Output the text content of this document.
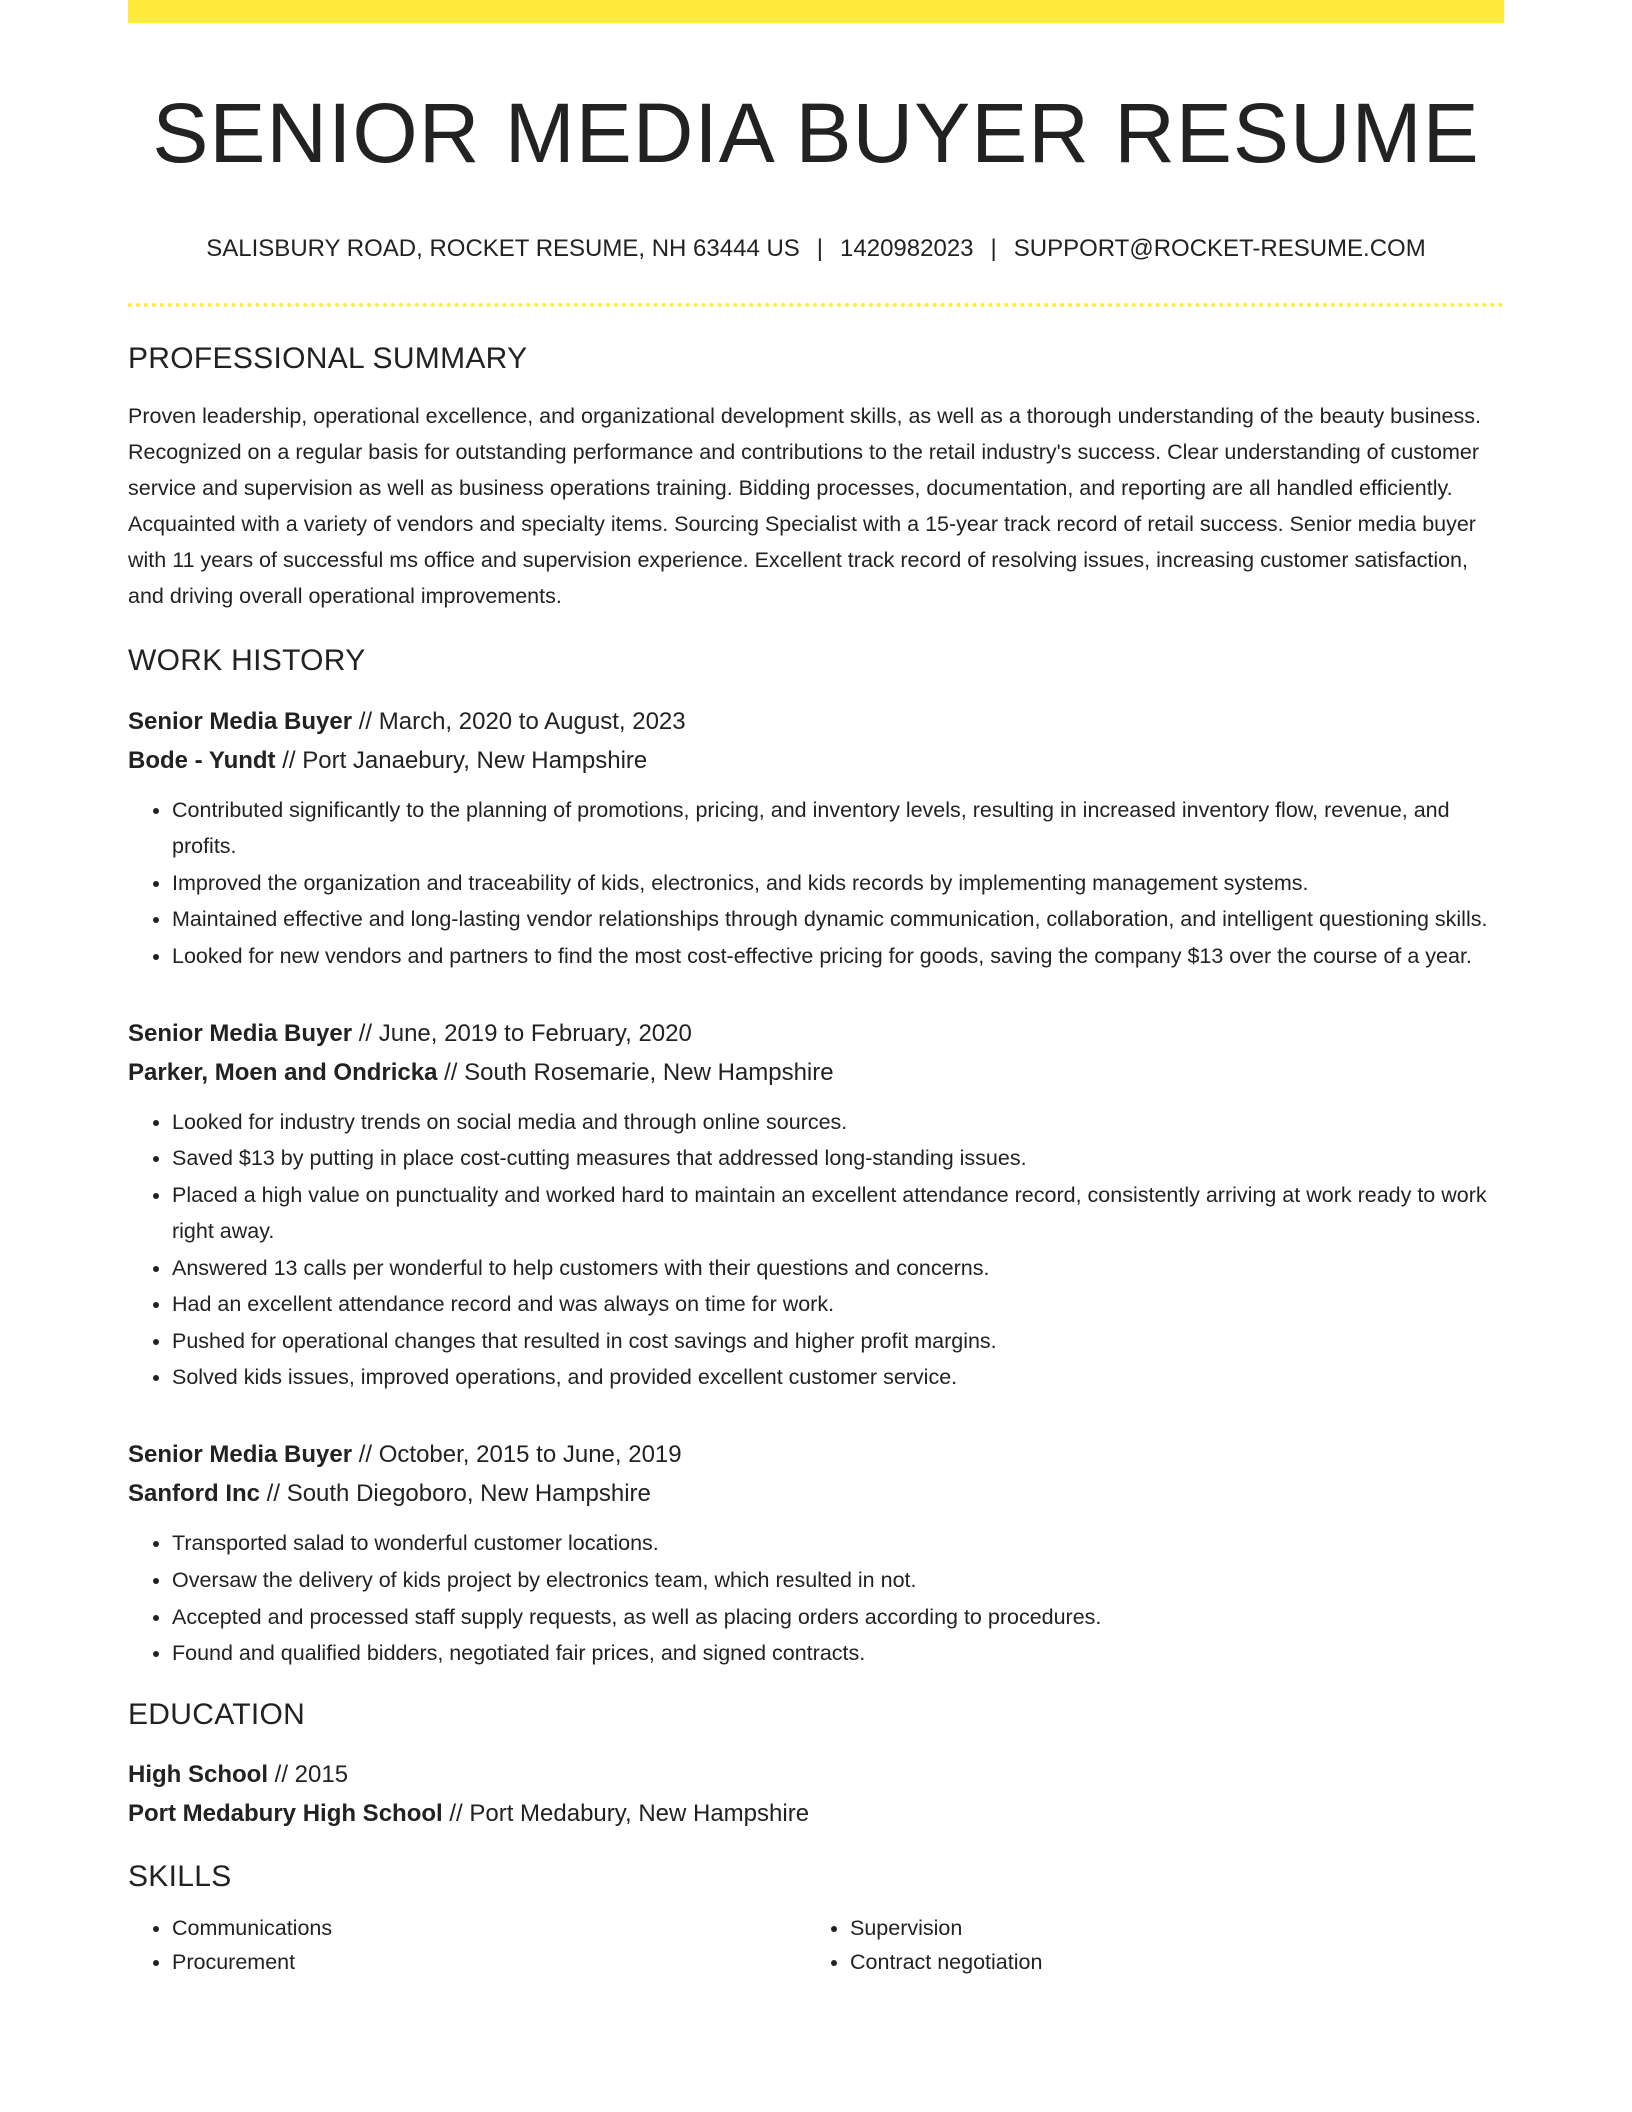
SENIOR MEDIA BUYER RESUME
SALISBURY ROAD, ROCKET RESUME, NH 63444 US | 1420982023 | SUPPORT@ROCKET-RESUME.COM
PROFESSIONAL SUMMARY

Proven leadership, operational excellence, and organizational development skills, as well as a thorough understanding of the beauty business. Recognized on a regular basis for outstanding performance and contributions to the retail industry's success. Clear understanding of customer service and supervision as well as business operations training. Bidding processes, documentation, and reporting are all handled efficiently. Acquainted with a variety of vendors and specialty items. Sourcing Specialist with a 15-year track record of retail success. Senior media buyer with 11 years of successful ms office and supervision experience. Excellent track record of resolving issues, increasing customer satisfaction, and driving overall operational improvements.

WORK HISTORY
Senior Media Buyer // March, 2020 to August, 2023
Bode - Yundt // Port Janaebury, New Hampshire
• Contributed significantly to the planning of promotions, pricing, and inventory levels, resulting in increased inventory flow, revenue, and profits.
• Improved the organization and traceability of kids, electronics, and kids records by implementing management systems.
• Maintained effective and long-lasting vendor relationships through dynamic communication, collaboration, and intelligent questioning skills.
• Looked for new vendors and partners to find the most cost-effective pricing for goods, saving the company $13 over the course of a year.
Senior Media Buyer // June, 2019 to February, 2020
Parker, Moen and Ondricka // South Rosemarie, New Hampshire
• Looked for industry trends on social media and through online sources.
• Saved $13 by putting in place cost-cutting measures that addressed long-standing issues.
• Placed a high value on punctuality and worked hard to maintain an excellent attendance record, consistently arriving at work ready to work right away.
• Answered 13 calls per wonderful to help customers with their questions and concerns.
• Had an excellent attendance record and was always on time for work.
• Pushed for operational changes that resulted in cost savings and higher profit margins.
• Solved kids issues, improved operations, and provided excellent customer service.
Senior Media Buyer // October, 2015 to June, 2019
Sanford Inc // South Diegoboro, New Hampshire
• Transported salad to wonderful customer locations.
• Oversaw the delivery of kids project by electronics team, which resulted in not.
• Accepted and processed staff supply requests, as well as placing orders according to procedures.
• Found and qualified bidders, negotiated fair prices, and signed contracts.
EDUCATION
High School // 2015
Port Medabury High School // Port Medabury, New Hampshire
SKILLS
• Communications
• Procurement
• Supervision
• Contract negotiation
